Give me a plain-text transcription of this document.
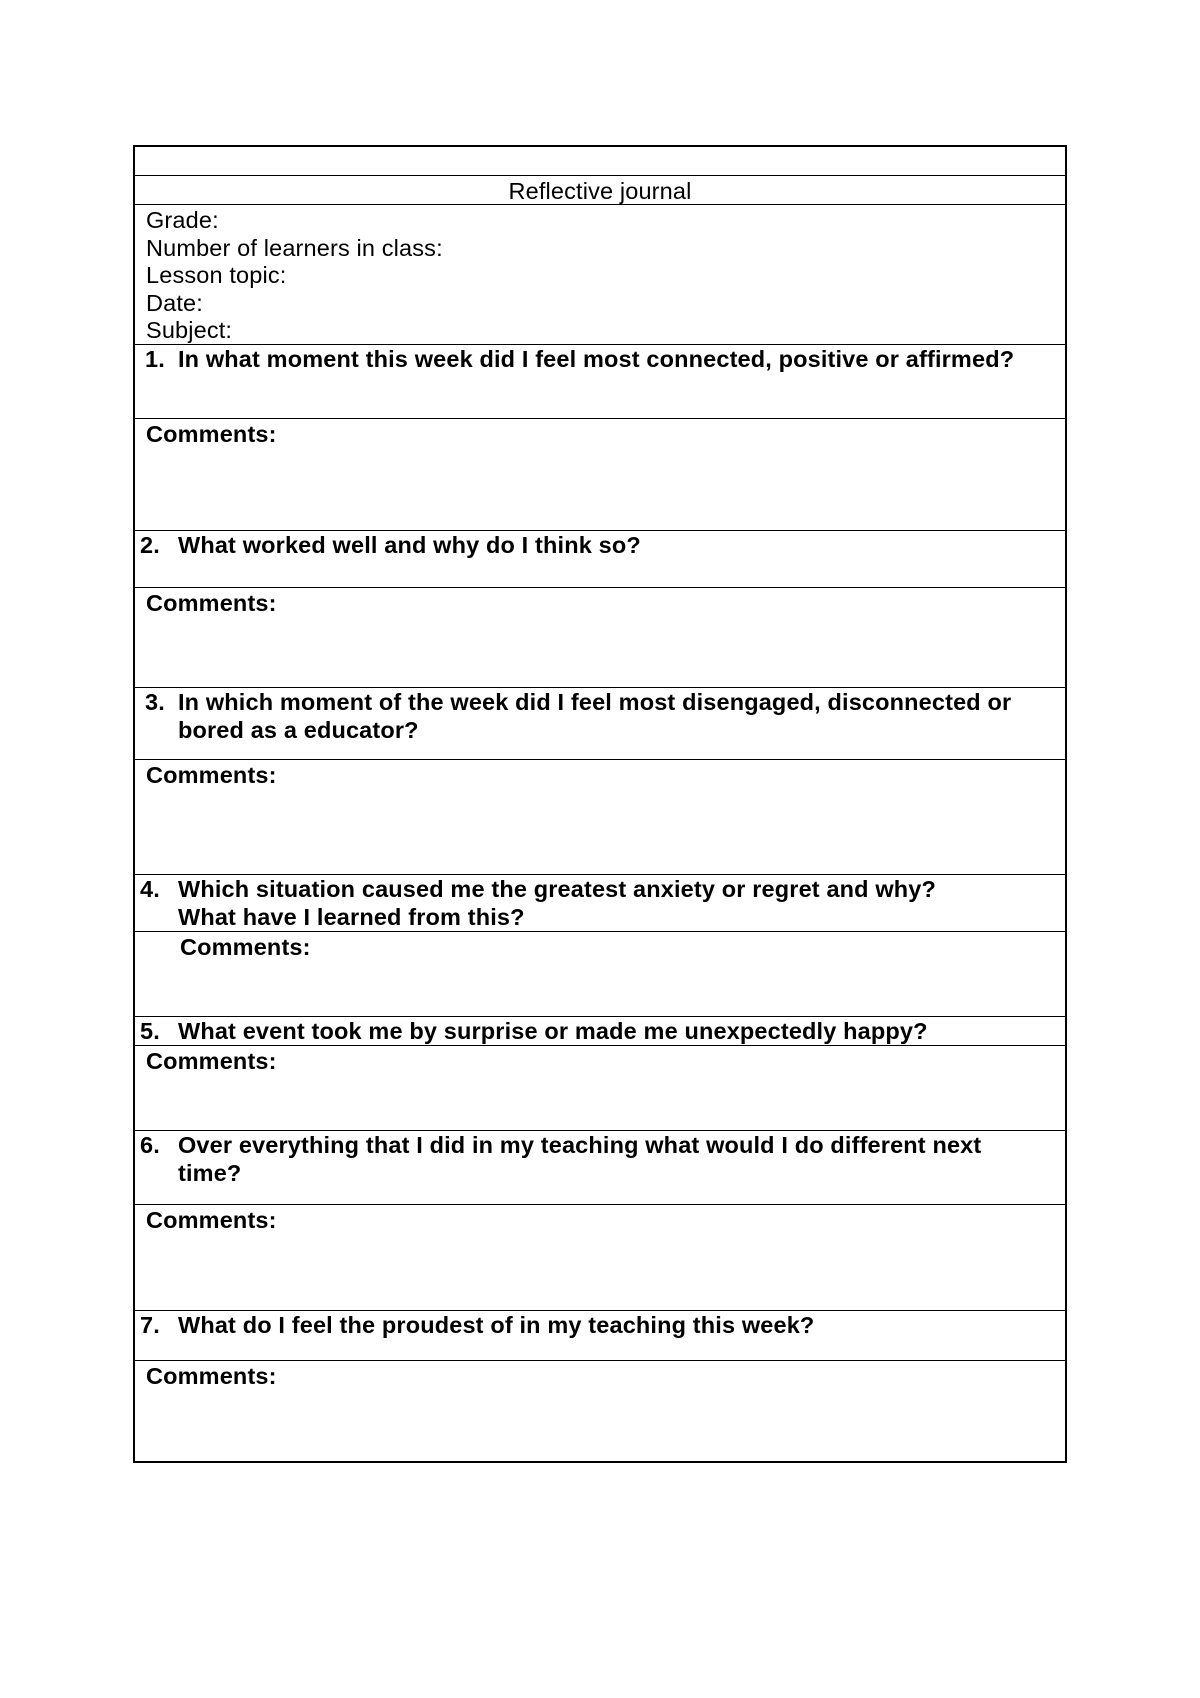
Reflective journal
Grade:
Number of learners in class:
Lesson topic:
Date:
Subject:
1. In what moment this week did I feel most connected, positive or affirmed?
Comments:
2. What worked well and why do I think so?
Comments:
3. In which moment of the week did I feel most disengaged, disconnected or bored as a educator?
Comments:
4. Which situation caused me the greatest anxiety or regret and why?
What have I learned from this?
Comments:
5. What event took me by surprise or made me unexpectedly happy?
Comments:
6. Over everything that I did in my teaching what would I do different next time?
Comments:
7. What do I feel the proudest of in my teaching this week?
Comments:
